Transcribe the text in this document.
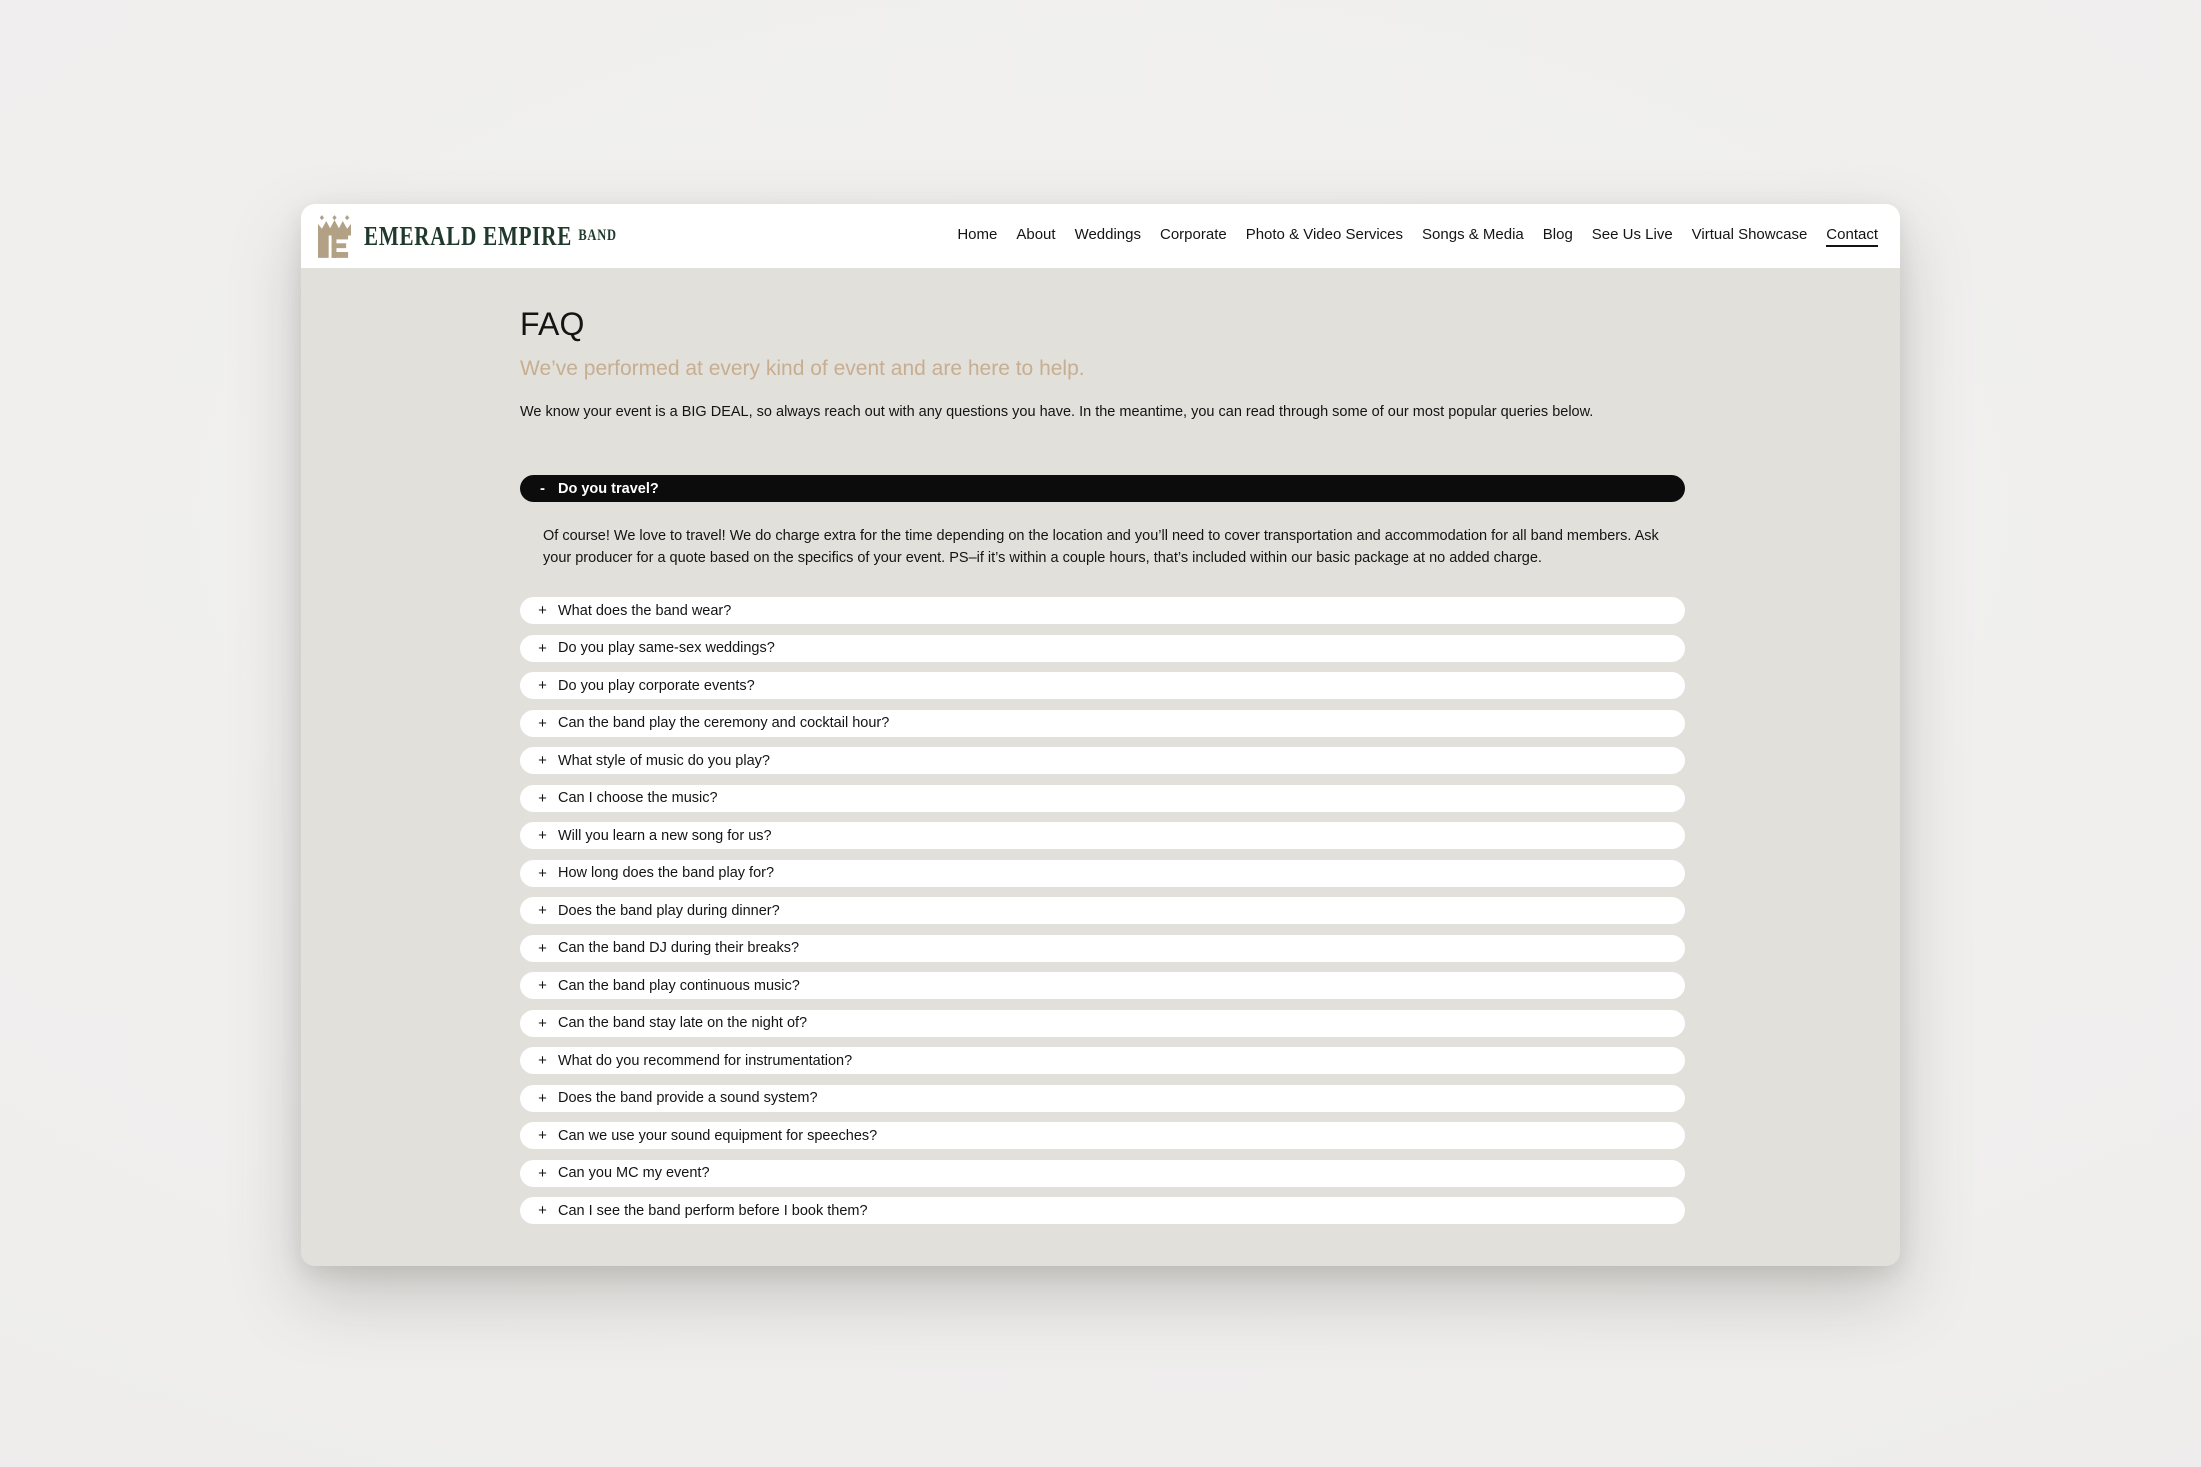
EMERALD EMPIRE BAND	Home About Weddings Corporate Photo & Video Services Songs & Media Blog See Us Live Virtual Showcase Contact
FAQ
We’ve performed at every kind of event and are here to help.

We know your event is a BIG DEAL, so always reach out with any questions you have. In the meantime, you can read through some of our most popular queries below.

- Do you travel?

Of course! We love to travel! We do charge extra for the time depending on the location and you’ll need to cover transportation and accommodation for all band members. Ask your producer for a quote based on the specifics of your event. PS–if it’s within a couple hours, that’s included within our basic package at no added charge.

+ What does the band wear?
+ Do you play same-sex weddings?
+ Do you play corporate events?
+ Can the band play the ceremony and cocktail hour?
+ What style of music do you play?
+ Can I choose the music?
+ Will you learn a new song for us?
+ How long does the band play for?
+ Does the band play during dinner?
+ Can the band DJ during their breaks?
+ Can the band play continuous music?
+ Can the band stay late on the night of?
+ What do you recommend for instrumentation?
+ Does the band provide a sound system?
+ Can we use your sound equipment for speeches?
+ Can you MC my event?
+ Can I see the band perform before I book them?
